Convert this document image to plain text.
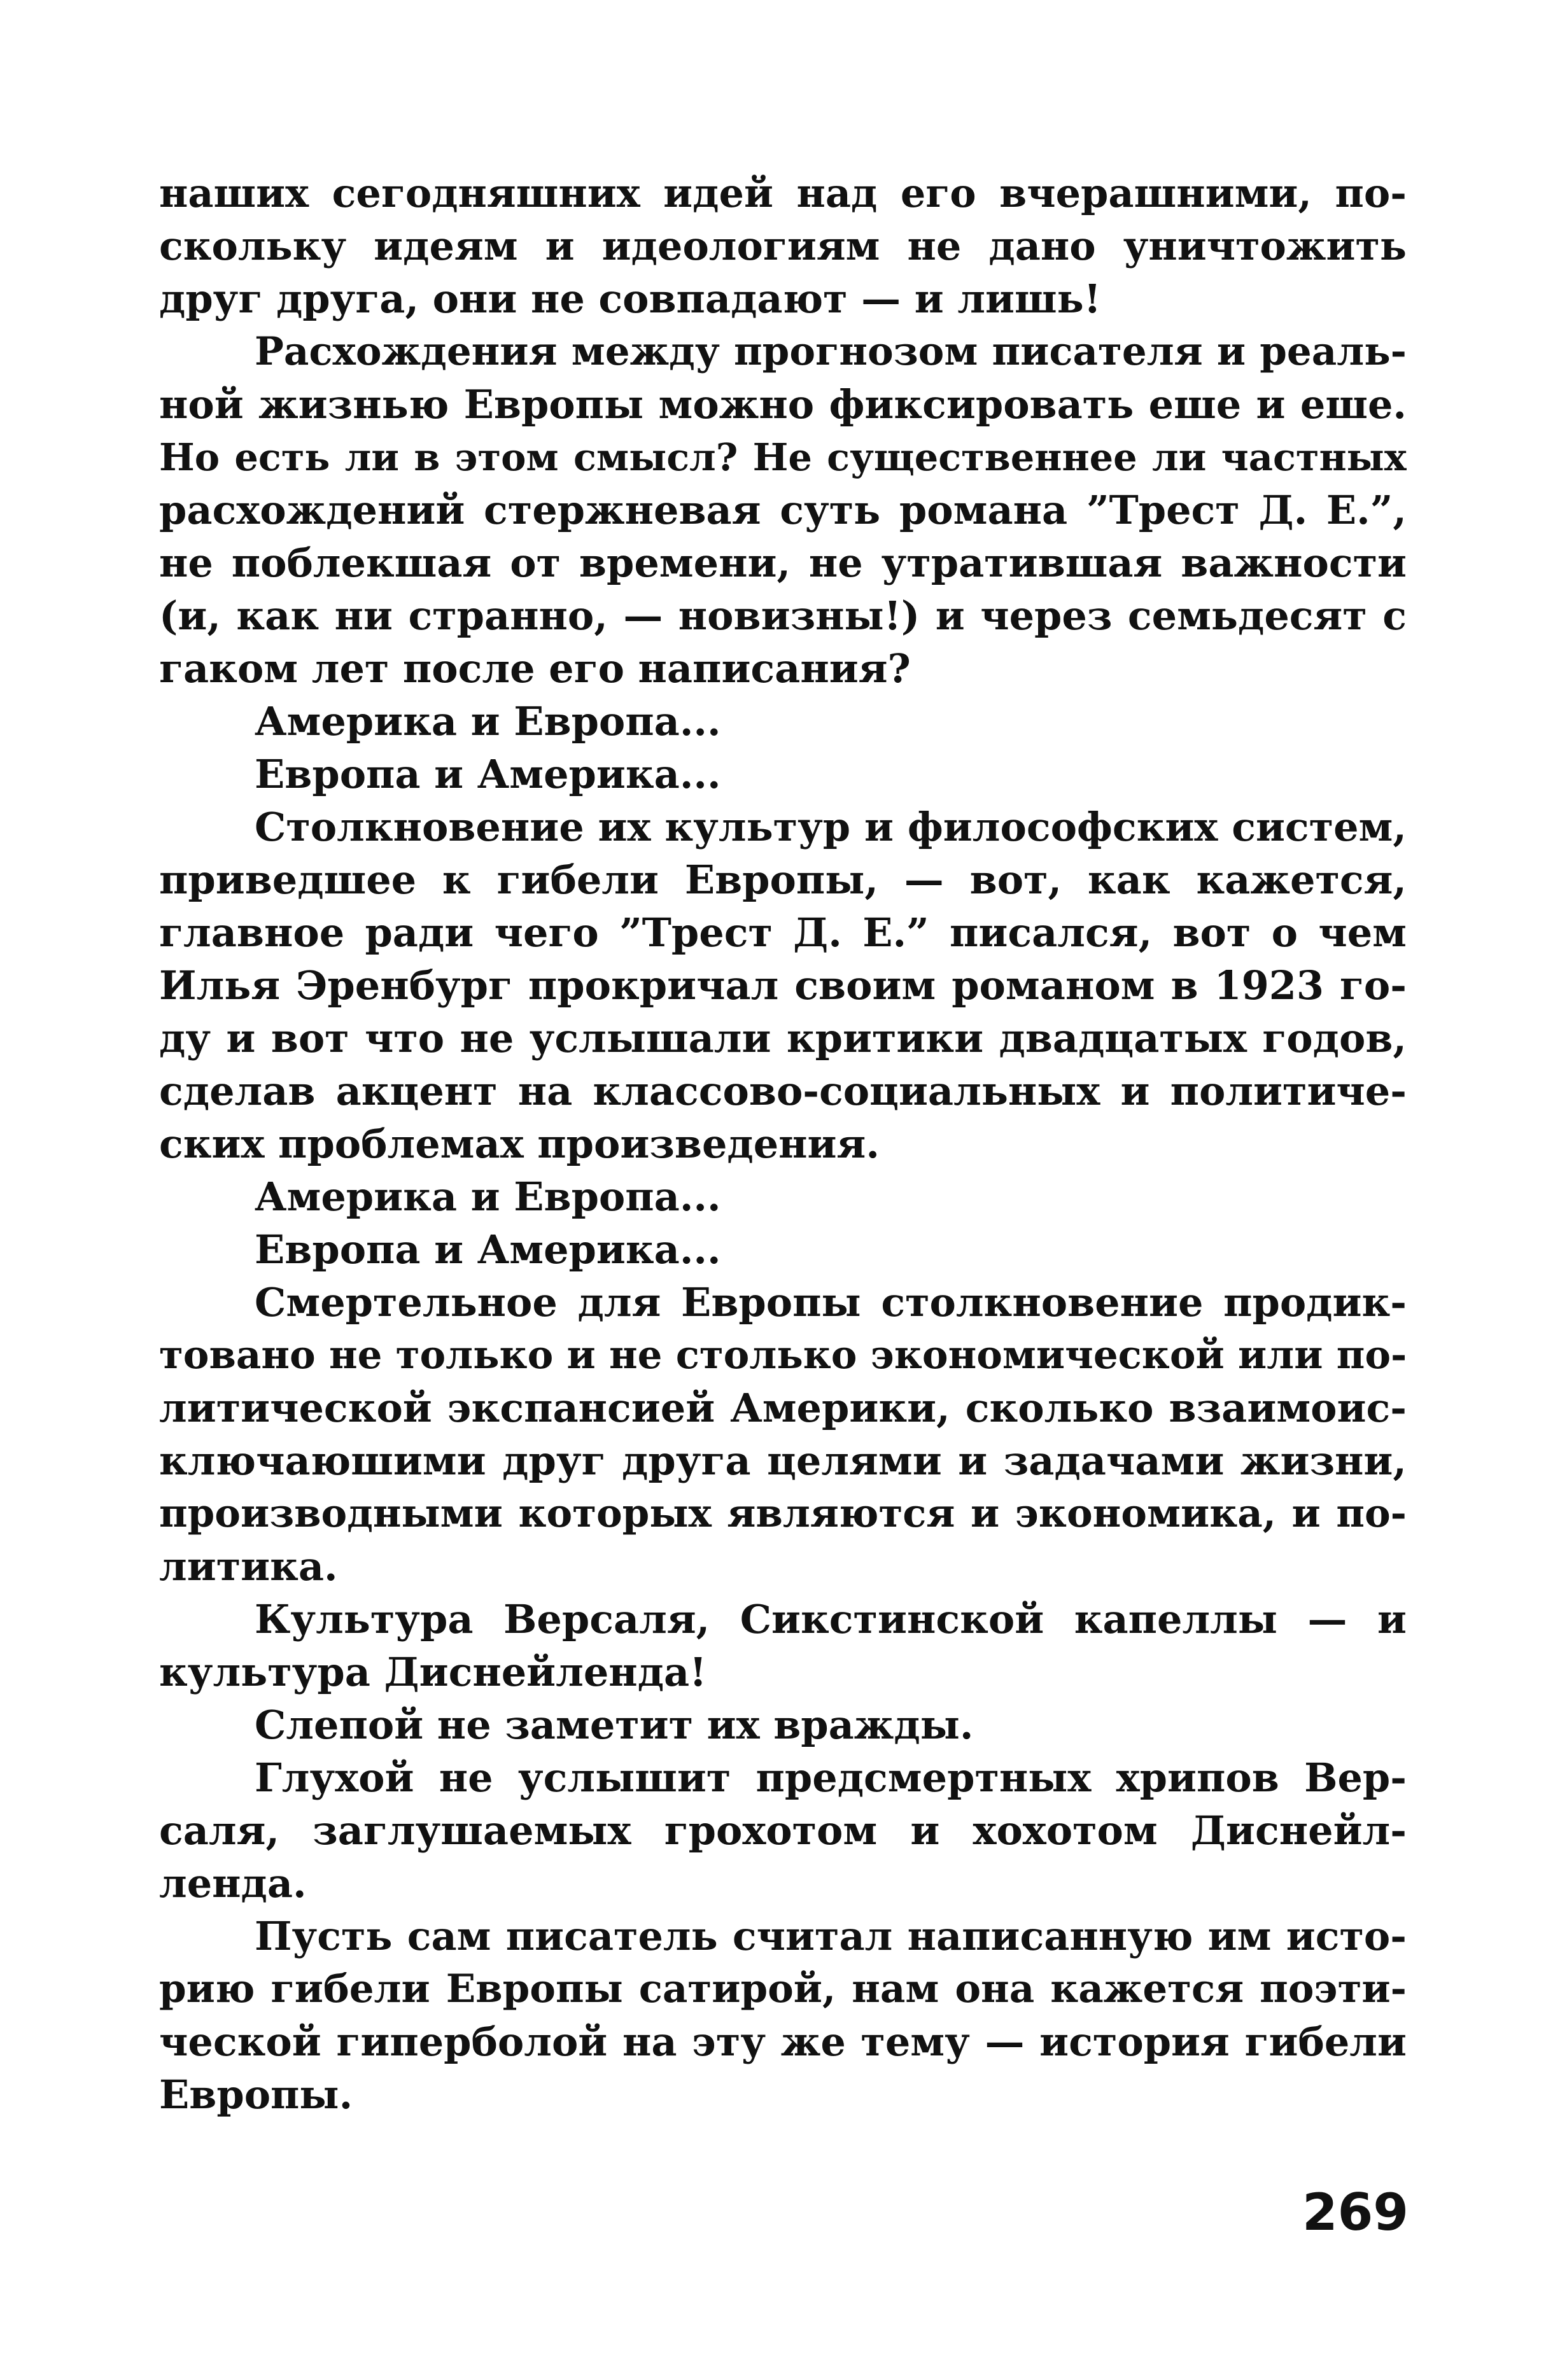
наших сегодняшних идей над его вчерашними, по-
скольку идеям и идеологиям не дано уничтожить
друг друга, они не совпадают — и лишь!
Расхождения между прогнозом писателя и реаль-
ной жизнью Европы можно фиксировать еше и еше.
Но есть ли в этом смысл? Не существеннее ли частных
расхождений стержневая суть романа ”Трест Д. Е.”,
не поблекшая от времени, не утратившая важности
(и, как ни странно, — новизны!) и через семьдесят с
гаком лет после его написания?
Америка и Европа...
Европа и Америка...
Столкновение их культур и философских систем,
приведшее к гибели Европы, — вот, как кажется,
главное ради чего ”Трест Д. Е.” писался, вот о чем
Илья Эренбург прокричал своим романом в 1923 го-
ду и вот что не услышали критики двадцатых годов,
сделав акцент на классово-социальных и политиче-
ских проблемах произведения.
Америка и Европа...
Европа и Америка...
Смертельное для Европы столкновение продик-
товано не только и не столько экономической или по-
литической экспансией Америки, сколько взаимоис-
ключаюшими друг друга целями и задачами жизни,
производными которых являются и экономика, и по-
литика.
Культура Версаля, Сикстинской капеллы — и
культура Диснейленда!
Слепой не заметит их вражды.
Глухой не услышит предсмертных хрипов Вер-
саля, заглушаемых грохотом и хохотом Диснейл-
ленда.
Пусть сам писатель считал написанную им исто-
рию гибели Европы сатирой, нам она кажется поэти-
ческой гиперболой на эту же тему — история гибели
Европы.
269
